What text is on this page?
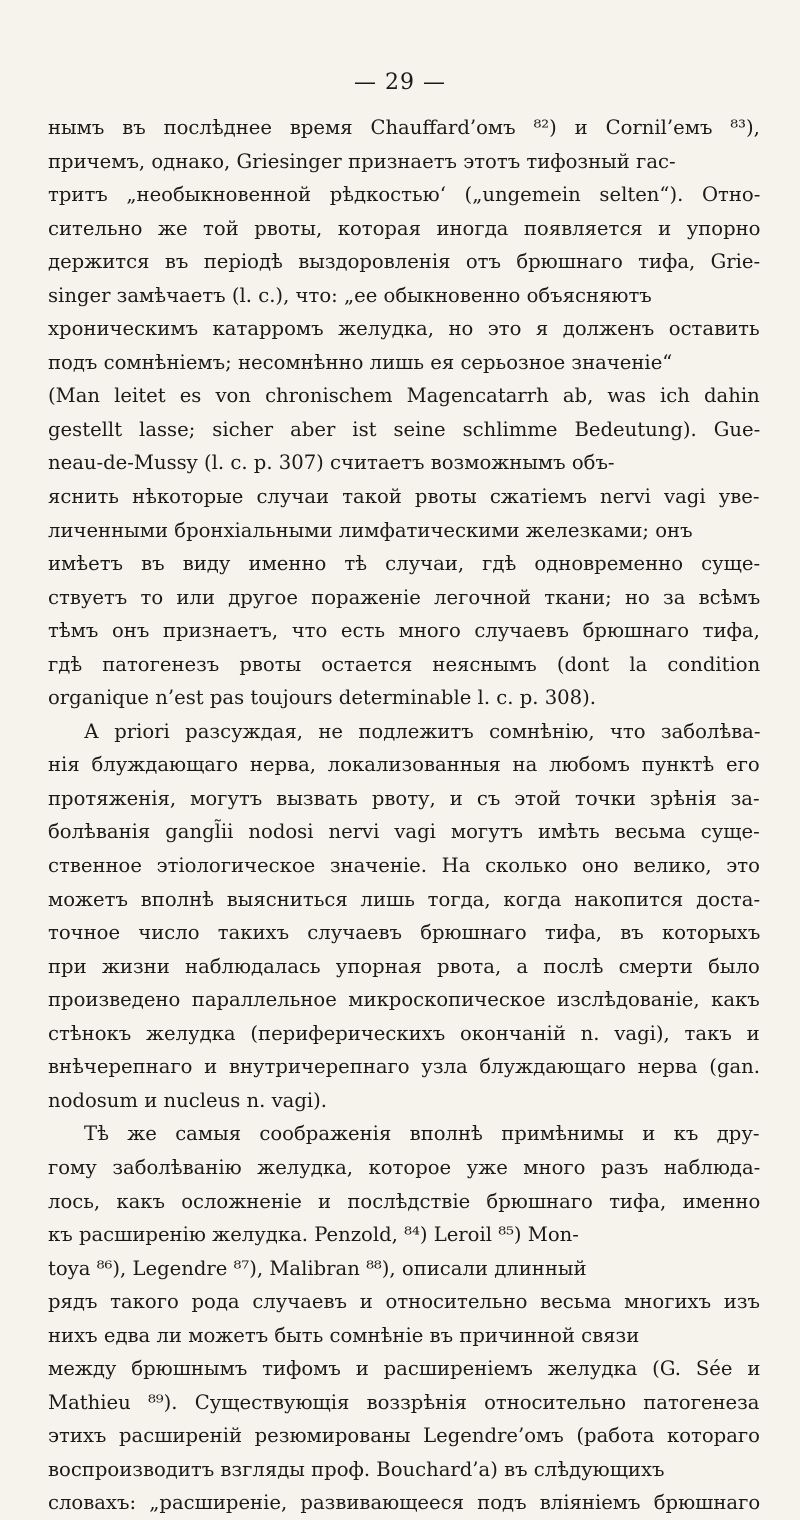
— 29 —
нымъ въ послѣднее время Chauffard’омъ ⁸²) и Cornil’емъ ⁸³),
причемъ, однако, Griesinger признаетъ этотъ тифозный гас-
тритъ „необыкновенной рѣдкостью‘ („ungemein selten“). Отно-
сительно же той рвоты, которая иногда появляется и упорно
держится въ періодѣ выздоровленія отъ брюшнаго тифа, Grie-
singer замѣчаетъ (l. c.), что: „ее обыкновенно объясняютъ
хроническимъ катарромъ желудка, но это я долженъ оставить
подъ сомнѣніемъ; несомнѣнно лишь ея серьозное значеніе“
(Man leitet es von chronischem Magencatarrh ab, was ich dahin
gestellt lasse; sicher aber ist seine schlimme Bedeutung). Gue-
neau-de-Mussy (l. c. p. 307) считаетъ возможнымъ объ-
яснить нѣкоторые случаи такой рвоты сжатіемъ nervi vagi уве-
личенными бронхіальными лимфатическими железками; онъ
имѣетъ въ виду именно тѣ случаи, гдѣ одновременно суще-
ствуетъ то или другое пораженіе легочной ткани; но за всѣмъ
тѣмъ онъ признаетъ, что есть много случаевъ брюшнаго тифа,
гдѣ патогенезъ рвоты остается неяснымъ (dont la condition
organique n’est pas toujours determinable l. c. p. 308).
А priori разсуждая, не подлежитъ сомнѣнію, что заболѣва-
нія блуждающаго нерва, локализованныя на любомъ пунктѣ его
протяженія, могутъ вызвать рвоту, и съ этой точки зрѣнія за-
болѣванія gangl̃ii nodosi nervi vagi могутъ имѣть весьма суще-
ственное этіологическое значеніе. На сколько оно велико, это
можетъ вполнѣ выясниться лишь тогда, когда накопится доста-
точное число такихъ случаевъ брюшнаго тифа, въ которыхъ
при жизни наблюдалась упорная рвота, а послѣ смерти было
произведено параллельное микроскопическое изслѣдованіе, какъ
стѣнокъ желудка (периферическихъ окончаній n. vagi), такъ и
внѣчерепнаго и внутричерепнаго узла блуждающаго нерва (gan.
nodosum и nucleus n. vagi).
Тѣ же самыя соображенія вполнѣ примѣнимы и къ дру-
гому заболѣванію желудка, которое уже много разъ наблюда-
лось, какъ осложненіе и послѣдствіе брюшнаго тифа, именно
къ расширенію желудка. Penzold, ⁸⁴) Leroil ⁸⁵) Mon-
toya ⁸⁶), Legendre ⁸⁷), Malibran ⁸⁸), описали длинный
рядъ такого рода случаевъ и относительно весьма многихъ изъ
нихъ едва ли можетъ быть сомнѣніе въ причинной связи
между брюшнымъ тифомъ и расширеніемъ желудка (G. Sée и
Mathieu ⁸⁹). Существующія воззрѣнія относительно патогенеза
этихъ расширеній резюмированы Legendre’омъ (работа котораго
воспроизводитъ взгляды проф. Bouchard’a) въ слѣдующихъ
словахъ: „расширеніе, развивающееся подъ вліяніемъ брюшнаго
